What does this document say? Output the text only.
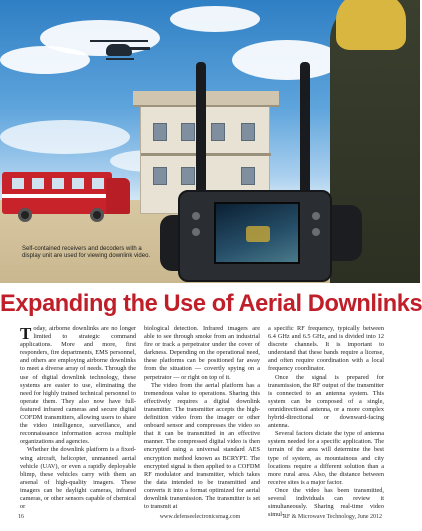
Self-contained receivers and decoders with a display unit are used for viewing downlink video.
Expanding the Use of Aerial Downlinks

Today, airborne downlinks are no longer limited to strategic command applications. More and more, first responders, fire departments, EMS personnel, and others are employing airborne downlinks to meet a diverse array of needs. Through the use of digital downlink technology, these systems are easier to use, eliminating the need for highly trained technical personnel to operate them. They also now have full-featured infrared cameras and secure digital COFDM transmitters, allowing users to share the video intelligence, surveillance, and reconnaissance information across multiple organizations and agencies.

Whether the downlink platform is a fixed-wing aircraft, helicopter, unmanned aerial vehicle (UAV), or even a rapidly deployable blimp, these vehicles carry with them an arsenal of high-quality imagers. These imagers can be daylight cameras, infrared cameras, or other sensors capable of chemical or

biological detection. Infrared imagers are able to see through smoke from an industrial fire or track a perpetrator under the cover of darkness. Depending on the operational need, these platforms can be positioned far away from the situation — covertly spying on a perpetrator — or right on top of it.

The video from the aerial platform has a tremendous value to operations. Sharing this effectively requires a digital downlink transmitter. The transmitter accepts the high-definition video from the imager or other onboard sensor and compresses the video so that it can be transmitted in an effective manner. The compressed digital video is then encrypted using a universal standard AES encryption method known as BCRYPT. The encrypted signal is then applied to a COFDM RF modulator and transmitter, which takes the data intended to be transmitted and converts it into a format optimized for aerial downlink transmission. The transmitter is set to transmit at

a specific RF frequency, typically between 6.4 GHz and 6.5 GHz, and is divided into 12 discrete channels. It is important to understand that these bands require a license, and often require coordination with a local frequency coordinator.

Once the signal is prepared for transmission, the RF output of the transmitter is connected to an antenna system. This system can be composed of a single, omnidirectional antenna, or a more complex hybrid-directional or downward-facing antenna.

Several factors dictate the type of antenna system needed for a specific application. The terrain of the area will determine the best type of system, as mountainous and city locations require a different solution than a more rural area. Also, the distance between receive sites is a major factor.

Once the video has been transmitted, several individuals can review it simultaneously. Sharing real-time video simul-

www.defenseelectronicsmag.com
16	RF & Microwave Technology, June 2012
